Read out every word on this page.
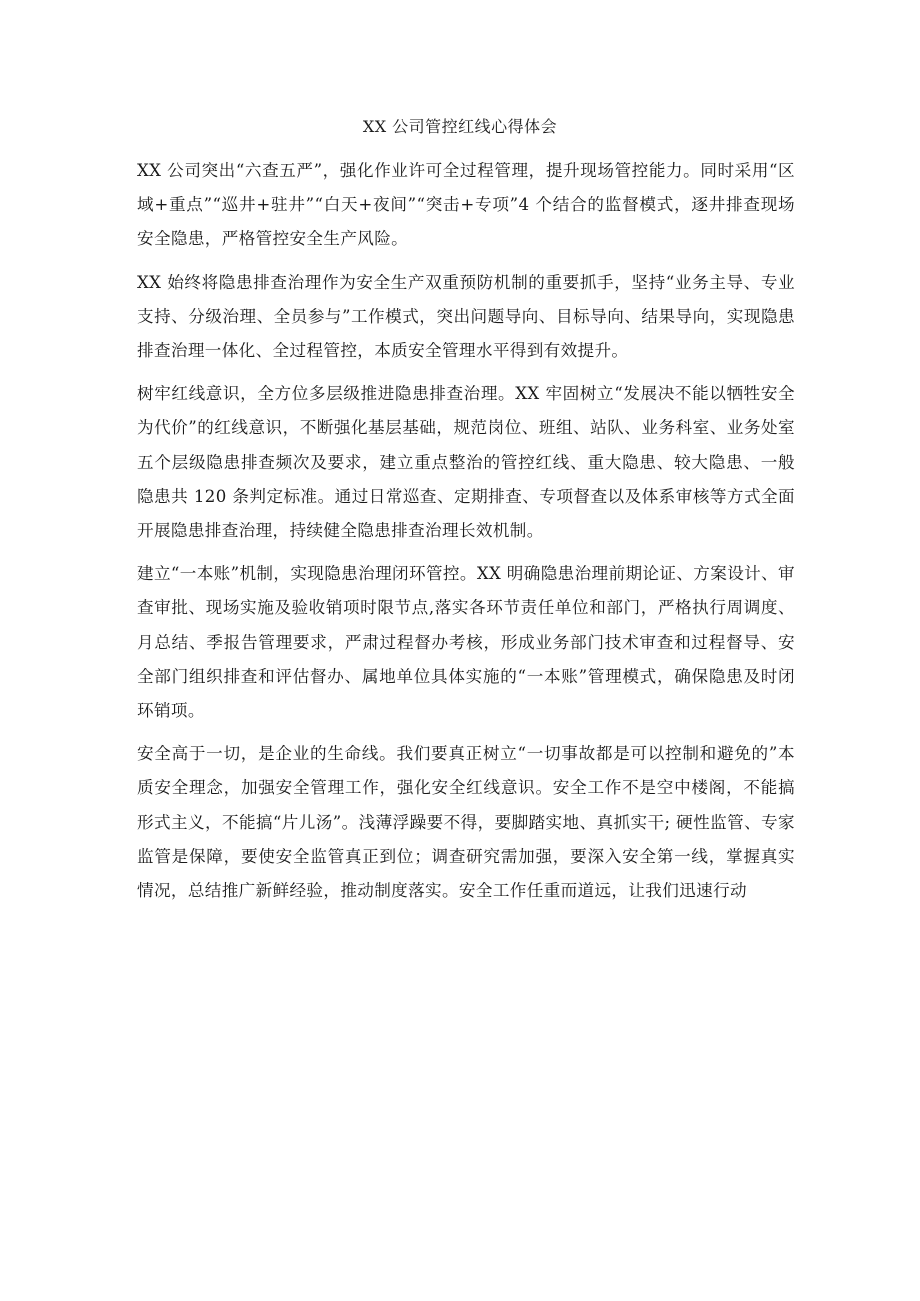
XX 公司管控红线心得体会

XX 公司突出“六查五严”，强化作业许可全过程管理，提升现场管控能力。同时采用“区域+重点”“巡井+驻井”“白天+夜间”“突击+专项”4 个结合的监督模式，逐井排查现场安全隐患，严格管控安全生产风险。

XX 始终将隐患排查治理作为安全生产双重预防机制的重要抓手，坚持“业务主导、专业支持、分级治理、全员参与”工作模式，突出问题导向、目标导向、结果导向，实现隐患排查治理一体化、全过程管控，本质安全管理水平得到有效提升。

树牢红线意识，全方位多层级推进隐患排查治理。XX 牢固树立“发展决不能以牺牲安全为代价”的红线意识，不断强化基层基础，规范岗位、班组、站队、业务科室、业务处室五个层级隐患排查频次及要求，建立重点整治的管控红线、重大隐患、较大隐患、一般隐患共 120 条判定标准。通过日常巡查、定期排查、专项督查以及体系审核等方式全面开展隐患排查治理，持续健全隐患排查治理长效机制。

建立“一本账”机制，实现隐患治理闭环管控。XX 明确隐患治理前期论证、方案设计、审查审批、现场实施及验收销项时限节点,落实各环节责任单位和部门，严格执行周调度、月总结、季报告管理要求，严肃过程督办考核，形成业务部门技术审查和过程督导、安全部门组织排查和评估督办、属地单位具体实施的“一本账”管理模式，确保隐患及时闭环销项。

安全高于一切，是企业的生命线。我们要真正树立“一切事故都是可以控制和避免的”本质安全理念，加强安全管理工作，强化安全红线意识。安全工作不是空中楼阁，不能搞形式主义，不能搞“片儿汤”。浅薄浮躁要不得，要脚踏实地、真抓实干; 硬性监管、专家监管是保障，要使安全监管真正到位；调查研究需加强，要深入安全第一线，掌握真实情况，总结推广新鲜经验，推动制度落实。安全工作任重而道远，让我们迅速行动
